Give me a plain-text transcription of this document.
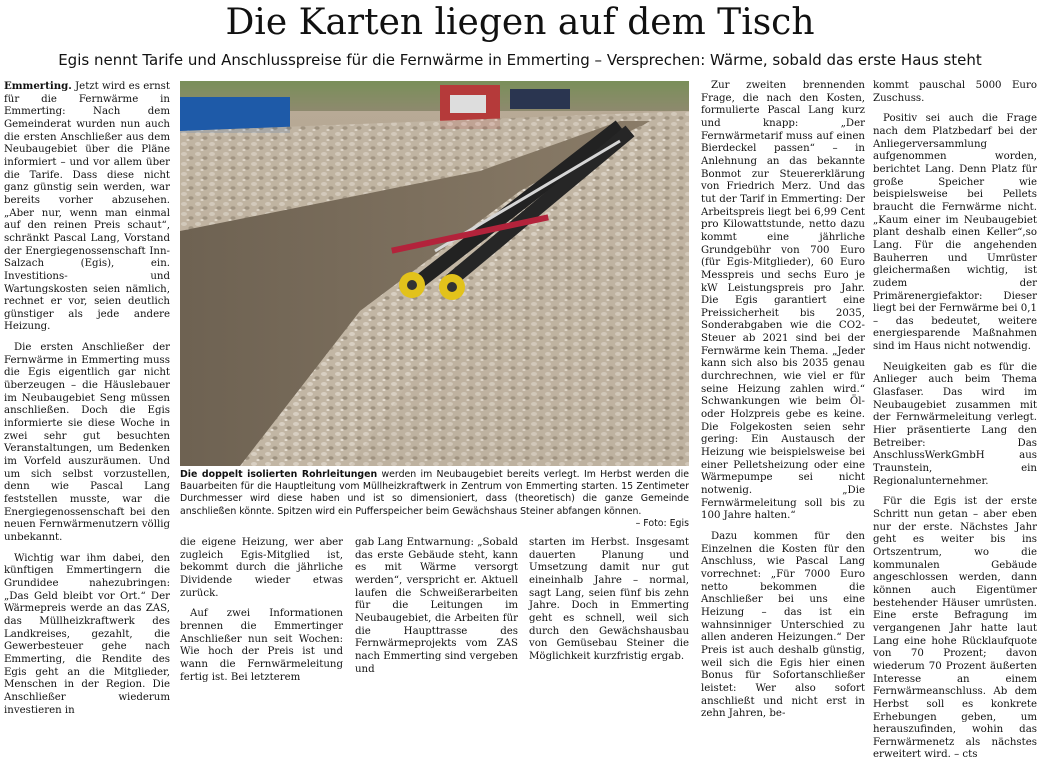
Die Karten liegen auf dem Tisch
Egis nennt Tarife und Anschlusspreise für die Fernwärme in Emmerting – Versprechen: Wärme, sobald das erste Haus steht

Emmerting. Jetzt wird es ernst für die Fernwärme in Emmerting: Nach dem Gemeinderat wurden nun auch die ersten Anschließer aus dem Neubaugebiet über die Pläne informiert – und vor allem über die Tarife. Dass diese nicht ganz günstig sein werden, war bereits vorher abzusehen. „Aber nur, wenn man einmal auf den reinen Preis schaut“, schränkt Pascal Lang, Vorstand der Energiegenossenschaft Inn-Salzach (Egis), ein. Investitions- und Wartungskosten seien nämlich, rechnet er vor, seien deutlich günstiger als jede andere Heizung.

Die ersten Anschließer der Fernwärme in Emmerting muss die Egis eigentlich gar nicht überzeugen – die Häuslebauer im Neubaugebiet Seng müssen anschließen. Doch die Egis informierte sie diese Woche in zwei sehr gut besuchten Veranstaltungen, um Bedenken im Vorfeld auszuräumen. Und um sich selbst vorzustellen, denn wie Pascal Lang feststellen musste, war die Energiegenossenschaft bei den neuen Fernwärmenutzern völlig unbekannt.

Wichtig war ihm dabei, den künftigen Emmertingern die Grundidee nahezubringen: „Das Geld bleibt vor Ort.“ Der Wärmepreis werde an das ZAS, das Müllheizkraftwerk des Landkreises, gezahlt, die Gewerbesteuer gehe nach Emmerting, die Rendite des Egis geht an die Mitglieder, Menschen in der Region. Die Anschließer wiederum investieren in

Die doppelt isolierten Rohrleitungen werden im Neubaugebiet bereits verlegt. Im Herbst werden die Bauarbeiten für die Hauptleitung vom Müllheizkraftwerk in Zentrum von Emmerting starten. 15 Zentimeter Durchmesser wird diese haben und ist so dimensioniert, dass (theoretisch) die ganze Gemeinde anschließen könnte. Spitzen wird ein Pufferspeicher beim Gewächshaus Steiner abfangen können.
– Foto: Egis

die eigene Heizung, wer aber zugleich Egis-Mitglied ist, bekommt durch die jährliche Dividende wieder etwas zurück.

Auf zwei Informationen brennen die Emmertinger Anschließer nun seit Wochen: Wie hoch der Preis ist und wann die Fernwärmeleitung fertig ist. Bei letzterem

gab Lang Entwarnung: „Sobald das erste Gebäude steht, kann es mit Wärme versorgt werden“, verspricht er. Aktuell laufen die Schweißerarbeiten für die Leitungen im Neubaugebiet, die Arbeiten für die Haupttrasse des Fernwärmeprojekts vom ZAS nach Emmerting sind vergeben und

starten im Herbst. Insgesamt dauerten Planung und Umsetzung damit nur gut eineinhalb Jahre – normal, sagt Lang, seien fünf bis zehn Jahre. Doch in Emmerting geht es schnell, weil sich durch den Gewächshausbau von Gemüsebau Steiner die Möglichkeit kurzfristig ergab.

Zur zweiten brennenden Frage, die nach den Kosten, formulierte Pascal Lang kurz und knapp: „Der Fernwärmetarif muss auf einen Bierdeckel passen“ – in Anlehnung an das bekannte Bonmot zur Steuererklärung von Friedrich Merz. Und das tut der Tarif in Emmerting: Der Arbeitspreis liegt bei 6,99 Cent pro Kilowattstunde, netto dazu kommt eine jährliche Grundgebühr von 700 Euro (für Egis-Mitglieder), 60 Euro Messpreis und sechs Euro je kW Leistungspreis pro Jahr. Die Egis garantiert eine Preissicherheit bis 2035, Sonderabgaben wie die CO2-Steuer ab 2021 sind bei der Fernwärme kein Thema. „Jeder kann sich also bis 2035 genau durchrechnen, wie viel er für seine Heizung zahlen wird.“ Schwankungen wie beim Öl- oder Holzpreis gebe es keine. Die Folgekosten seien sehr gering: Ein Austausch der Heizung wie beispielsweise bei einer Pelletsheizung oder eine Wärmepumpe sei nicht notwenig. „Die Fernwärmeleitung soll bis zu 100 Jahre halten.“

Dazu kommen für den Einzelnen die Kosten für den Anschluss, wie Pascal Lang vorrechnet: „Für 7000 Euro netto bekommen die Anschließer bei uns eine Heizung – das ist ein wahnsinniger Unterschied zu allen anderen Heizungen.“ Der Preis ist auch deshalb günstig, weil sich die Egis hier einen Bonus für Sofortanschließer leistet: Wer also sofort anschließt und nicht erst in zehn Jahren, be-

kommt pauschal 5000 Euro Zuschuss.

Positiv sei auch die Frage nach dem Platzbedarf bei der Anliegerversammlung aufgenommen worden, berichtet Lang. Denn Platz für große Speicher wie beispielsweise bei Pellets braucht die Fernwärme nicht. „Kaum einer im Neubaugebiet plant deshalb einen Keller“,so Lang. Für die angehenden Bauherren und Umrüster gleichermaßen wichtig, ist zudem der Primärenergiefaktor: Dieser liegt bei der Fernwärme bei 0,1 – das bedeutet, weitere energiesparende Maßnahmen sind im Haus nicht notwendig.

Neuigkeiten gab es für die Anlieger auch beim Thema Glasfaser. Das wird im Neubaugebiet zusammen mit der Fernwärmeleitung verlegt. Hier präsentierte Lang den Betreiber: Das AnschlussWerkGmbH aus Traunstein, ein Regionalunternehmer.

Für die Egis ist der erste Schritt nun getan – aber eben nur der erste. Nächstes Jahr geht es weiter bis ins Ortszentrum, wo die kommunalen Gebäude angeschlossen werden, dann können auch Eigentümer bestehender Häuser umrüsten. Eine erste Befragung im vergangenen Jahr hatte laut Lang eine hohe Rücklaufquote von 70 Prozent; davon wiederum 70 Prozent äußerten Interesse an einem Fernwärmeanschluss. Ab dem Herbst soll es konkrete Erhebungen geben, um herauszufinden, wohin das Fernwärmenetz als nächstes erweitert wird. – cts
